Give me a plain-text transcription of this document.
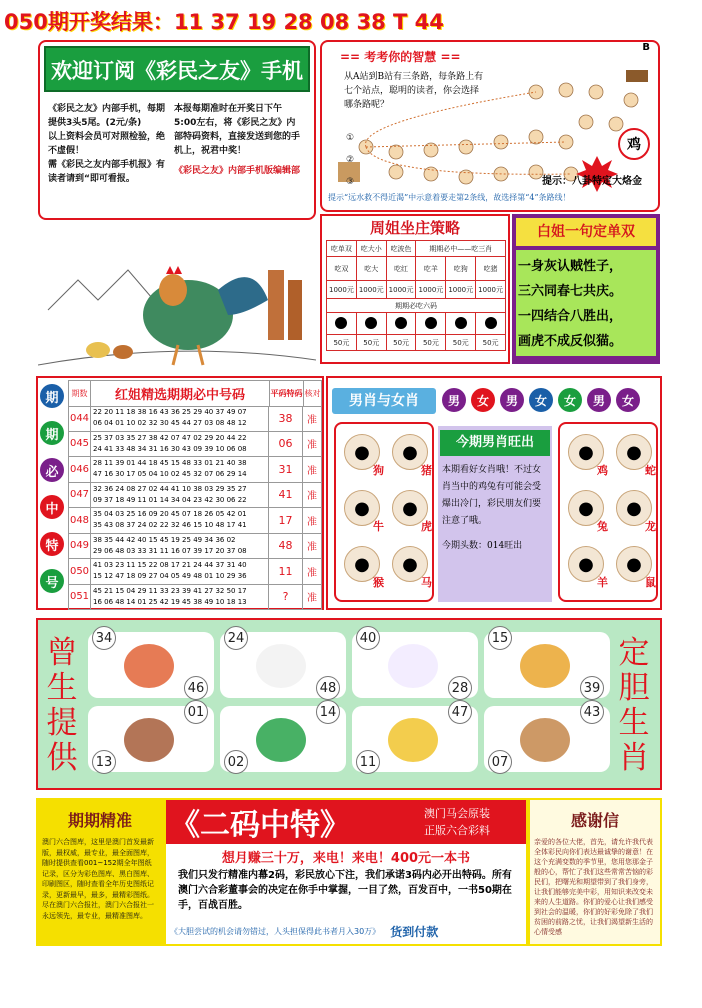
050期开奖结果：11 37 19 28 08 38 T 44
欢迎订阅《彩民之友》手机报
《彩民之友》内部手机，每期提供3头5尾。(2元/条)
以上资料会员可对照检验，绝不虚假！
需《彩民之友内部手机报》有读者请到“即可看报。
本报每期准时在开奖日下午5:00左右，将《彩民之友》内部特码资料，直接发送到您的手机上，祝君中奖！
《彩民之友》内部手机版编辑部
== 考考你的智慧 ==
B
从A站到B站有三条路，每条路上有七个站点，聪明的读者，你会选择哪条路呢？
①
②
③
中	鸡
提示：八卦特定大烙金
提示“远水救不得近渴”中示意着要走第2条线，故选择第“4”条路线！
周姐坐庄策略
吃单双	吃大小	吃波色	期期必中——吃三肖		
吃双	吃大	吃红	吃羊	吃狗	吃猪
1000元	1000元	1000元	1000元	1000元	1000元
期期必吃六码					

50元	50元	50元	50元	50元	50元
白姐一句定单双
一身灰认贼性子，
三六同春七共庆。
一四结合八胜出，
画虎不成反似猫。
期 期 必 中 特 号
期数	红姐精选期期必中号码	平码特码	核对
044
22 20 11 18 38 16 43 36 25 29 40 37 49 07
06 04 01 10 02 32 30 45 44 27 03 08 48 12	38	准
045
25 37 03 35 27 38 42 07 47 02 29 20 44 22
24 41 33 48 34 31 16 30 43 09 39 10 06 08	06	准
046
28 11 39 01 44 18 45 15 48 33 01 21 40 38
47 16 30 17 05 04 10 02 45 32 07 06 29 14	31	准
047
32 36 24 08 27 02 44 41 10 38 03 29 35 27
09 37 18 49 11 01 14 34 04 23 42 30 06 22	41	准
048
35 04 03 25 16 09 20 45 07 18 26 05 42 01
35 43 08 37 24 02 22 32 46 15 10 48 17 41	17	准
049
38 35 44 42 40 15 45 19 25 49 34 36 02
29 06 48 03 33 31 11 16 07 39 17 20 37 08	48	准
050
41 03 23 11 15 22 08 17 21 24 44 37 31 40
15 12 47 18 09 27 04 05 49 48 01 10 29 36	11	准
051
45 21 15 04 29 11 33 23 39 41 27 32 50 17
16 06 48 14 01 25 42 19 45 38 49 10 18 13	?	准
男肖与女肖	男	女	男	女	女	男	女
●
狗
●
猪
●
牛
●
虎
●
猴
●
马
今期男肖旺出
本期看好女肖哦！不过女肖当中的鸡兔有可能会受爆出冷门，彩民朋友们要注意了哦。
今期头数：014旺出
●
鸡
●
蛇
●
兔
●
龙
●
羊
●
鼠
曾
生
提
供
定
胆
生
肖
34
46
24
48
40
28
15
39
01
13
14
02
47
11
43
07
期期精准
澳门六合图库，这里是澳门首发最新版，最权威，最专业，最全面图库，随时提供查看001~152期全年图纸记录，区分为彩色图库、黑白图库、印刷图区，随时查看全年历史图纸记录，更新最早，最多，最精彩图纸。尽在澳门六合报社，澳门六合报社一永远领先，最专业，最精准图库。
《二码中特》	澳门马会原装
正版六合彩料
想月赚三十万，来电！来电！400元一本书
我们只发行精准内幕2码，彩民放心下注，我们承诺3码内必开出特码。所有澳门六合彩董事会的决定在你手中掌握，一目了然，百发百中，一书50期在手，百战百胜。
《大胆尝试的机会请勿错过，人头担保得此书者月入30万》 货到付款
感谢信
亲爱的各位大佬，首先，请允许我代表全体彩民向你们表达最诚挚的谢意！在这个充满变数的季节里，您用您那金子般的心，帮忙了我们这些常常苦恼的彩民们，把曙光和期望带到了我们身旁，让我们能够完美中彩，用知识来改变未来的人生道路。你们的爱心让我们感受到社会的温暖，你们的好彩免除了我们贫困的前路之忧，让我们渴望新生活的心情受感
